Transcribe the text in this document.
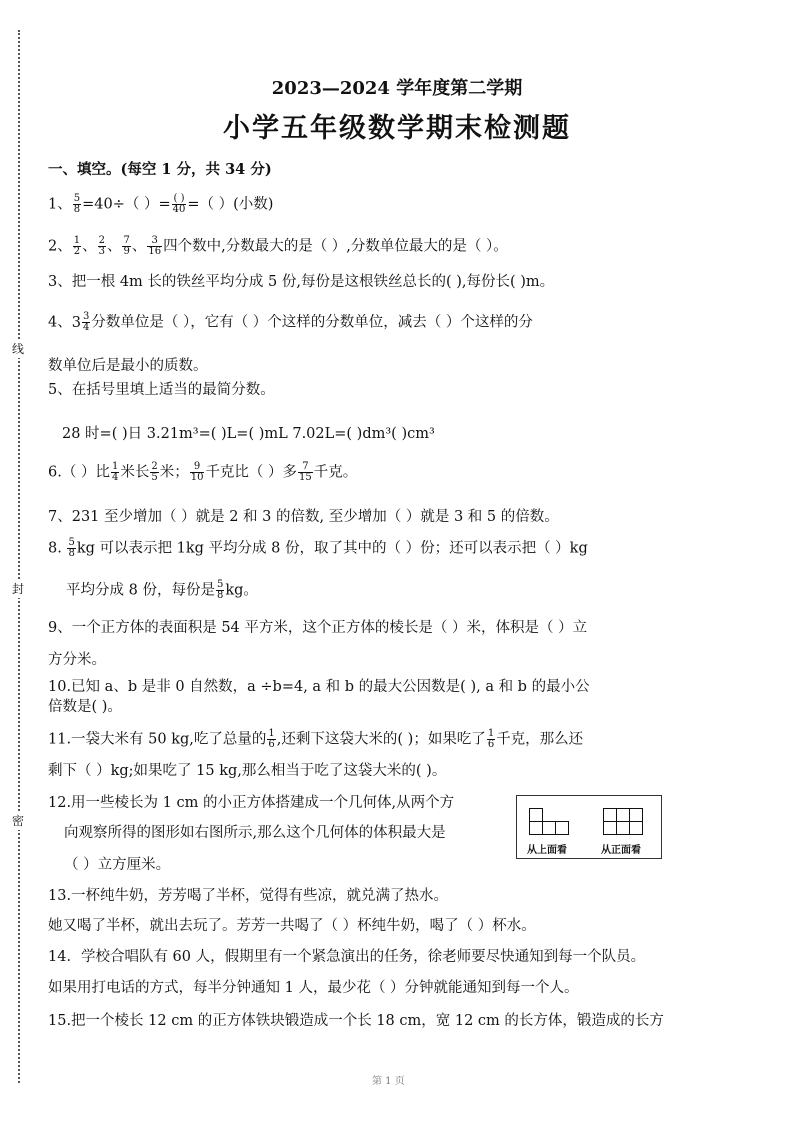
线
封
密
2023—2024 学年度第二学期
小学五年级数学期末检测题
一、填空。(每空 1 分，共 34 分)
1、 $\frac{5}{8} =40\div$（ ）= $\frac{( )}{40}$ =（ ）(小数)
2、 $\frac{1}{2}$ 、 $\frac{2}{3}$ 、 $\frac{7}{9}$ 、 $\frac{3}{16}$ 四个数中,分数最大的是（ ）,分数单位最大的是（ ）。
3、把一根 4m 长的铁丝平均分成 5 份,每份是这根铁丝总长的( ),每份长( )m。
4、 $3 \frac{3}{4}$ 分数单位是（ ），它有（ ）个这样的分数单位，减去（ ）个这样的分
数单位后是最小的质数。
5、在括号里填上适当的最简分数。
28 时=( )日 3.21m³=( )L=( )mL 7.02L=( )dm³( )cm³
6.（ ）比 $\frac{1}{4}$ 米长 $\frac{2}{5}$ 米； $\frac{9}{10}$ 千克比（ ）多 $\frac{7}{15}$ 千克。
7、231 至少增加（ ）就是 2 和 3 的倍数, 至少增加（ ）就是 3 和 5 的倍数。
8. $\frac{5}{8}$ kg 可以表示把 1kg 平均分成 8 份，取了其中的（ ）份；还可以表示把（ ）kg
平均分成 8 份，每份是 $\frac{5}{8}$ kg。
9、一个正方体的表面积是 54 平方米，这个正方体的棱长是（ ）米，体积是（ ）立
方分米。
10.已知 a、b 是非 0 自然数，a ÷b=4, a 和 b 的最大公因数是( ), a 和 b 的最小公
倍数是( )。
11.一袋大米有 50 kg,吃了总量的 $\frac{1}{6}$ ,还剩下这袋大米的( )；如果吃了 $\frac{1}{6}$ 千克，那么还
剩下（ ）kg;如果吃了 15 kg,那么相当于吃了这袋大米的( )。
12.用一些棱长为 1 cm 的小正方体搭建成一个几何体,从两个方
向观察所得的图形如右图所示,那么这个几何体的体积最大是
（ ）立方厘米。
从上面看	从正面看
13.一杯纯牛奶，芳芳喝了半杯，觉得有些凉，就兑满了热水。
她又喝了半杯，就出去玩了。芳芳一共喝了（ ）杯纯牛奶，喝了（ ）杯水。
14．学校合唱队有 60 人，假期里有一个紧急演出的任务，徐老师要尽快通知到每一个队员。
如果用打电话的方式，每半分钟通知 1 人，最少花（ ）分钟就能通知到每一个人。
15.把一个棱长 12 cm 的正方体铁块锻造成一个长 18 cm，宽 12 cm 的长方体，锻造成的长方
第 1 页
